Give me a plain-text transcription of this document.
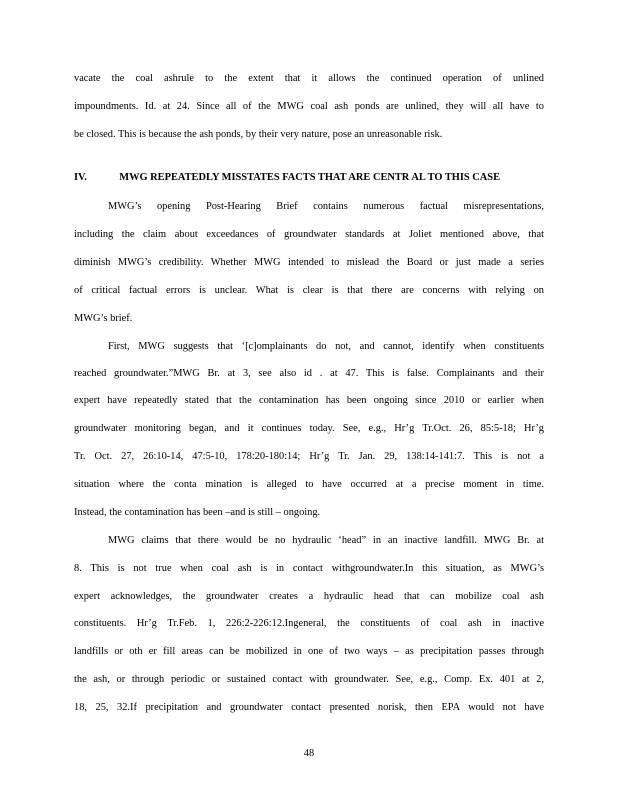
vacate the coal ashrule to the extent that it allows the continued operation of unlined
impoundments. Id. at 24. Since all of the MWG coal ash ponds are unlined, they will all have to
be closed. This is because the ash ponds, by their very nature, pose an unreasonable risk.
IV.	MWG REPEATEDLY MISSTATES FACTS THAT ARE CENTR AL TO THIS CASE
MWG’s opening Post-Hearing Brief contains numerous factual misrepresentations,
including the claim about exceedances of groundwater standards at Joliet mentioned above, that
diminish MWG’s credibility. Whether MWG intended to mislead the Board or just made a series
of critical factual errors is unclear. What is clear is that there are concerns with relying on
MWG’s brief.
First, MWG suggests that ‘[c]omplainants do not, and cannot, identify when constituents
reached groundwater.”MWG Br. at 3, see also id . at 47. This is false. Complainants and their
expert have repeatedly stated that the contamination has been ongoing since 2010 or earlier when
groundwater monitoring began, and it continues today. See, e.g., Hr’g Tr.Oct. 26, 85:5-18; Hr’g
Tr. Oct. 27, 26:10-14, 47:5-10, 178:20-180:14; Hr’g Tr. Jan. 29, 138:14-141:7. This is not a
situation where the conta mination is alleged to have occurred at a precise moment in time.
Instead, the contamination has been –and is still – ongoing.
MWG claims that there would be no hydraulic ‘head” in an inactive landfill. MWG Br. at
8. This is not true when coal ash is in contact withgroundwater.In this situation, as MWG’s
expert acknowledges, the groundwater creates a hydraulic head that can mobilize coal ash
constituents. Hr’g Tr.Feb. 1, 226:2-226:12.Ingeneral, the constituents of coal ash in inactive
landfills or oth er fill areas can be mobilized in one of two ways – as precipitation passes through
the ash, or through periodic or sustained contact with groundwater. See, e.g., Comp. Ex. 401 at 2,
18, 25, 32.If precipitation and groundwater contact presented norisk, then EPA would not have
48
